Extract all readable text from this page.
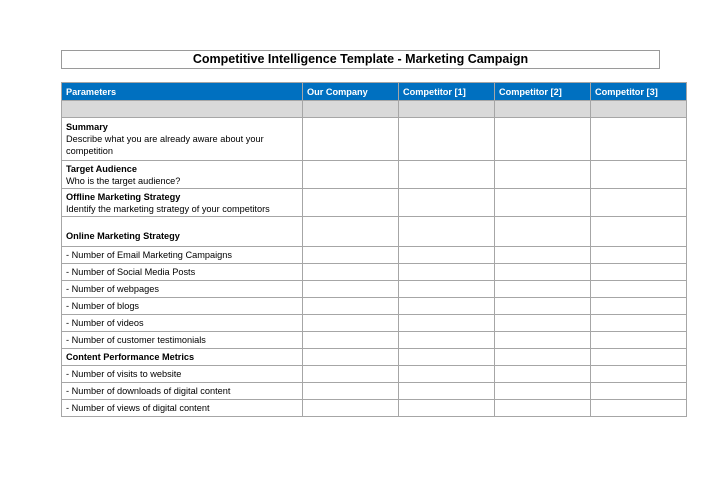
Competitive Intelligence Template - Marketing Campaign
Parameters	Our Company	Competitor [1]	Competitor [2]	Competitor [3]

Summary
Describe what you are already aware about your competition				

Target Audience
Who is the target audience?				

Offline Marketing Strategy
Identify the marketing strategy of your competitors				

Online Marketing Strategy				

- Number of Email Marketing Campaigns				
- Number of Social Media Posts				
- Number of webpages				
- Number of blogs				
- Number of videos				
- Number of customer testimonials				

Content Performance Metrics				

- Number of visits to website				
- Number of downloads of digital content				
- Number of views of digital content				
